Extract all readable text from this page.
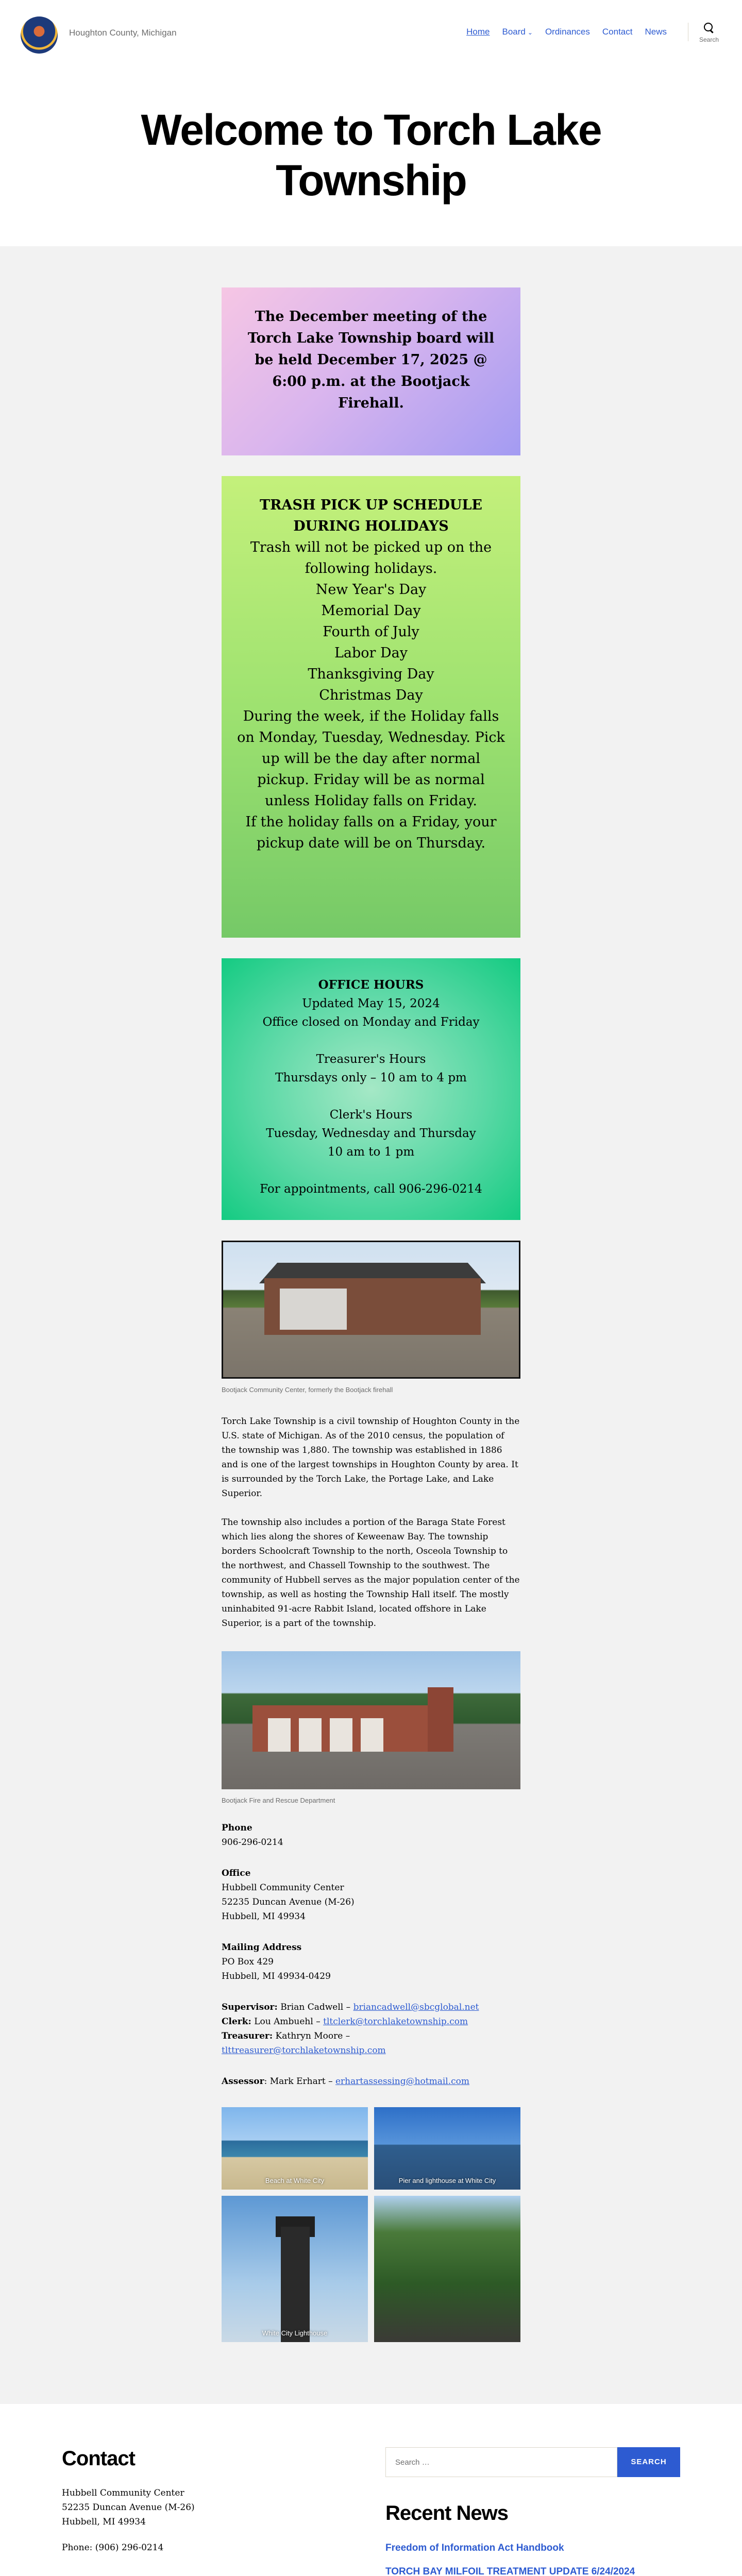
Houghton County, Michigan	Home Board ⌄ Ordinances Contact News
Search
Welcome to Torch Lake Township

The December meeting of the Torch Lake Township board will be held December 17, 2025 @ 6:00 p.m. at the Bootjack Firehall.

TRASH PICK UP SCHEDULE DURING HOLIDAYS

Trash will not be picked up on the following holidays.

New Year's Day

Memorial Day

Fourth of July

Labor Day

Thanksgiving Day

Christmas Day

During the week, if the Holiday falls on Monday, Tuesday, Wednesday. Pick up will be the day after normal pickup. Friday will be as normal unless Holiday falls on Friday.

If the holiday falls on a Friday, your pickup date will be on Thursday.

OFFICE HOURS

Updated May 15, 2024

Office closed on Monday and Friday

Treasurer's Hours

Thursdays only – 10 am to 4 pm

Clerk's Hours

Tuesday, Wednesday and Thursday

10 am to 1 pm

For appointments, call 906-296-0214

Bootjack Community Center, formerly the Bootjack firehall

Torch Lake Township is a civil township of Houghton County in the U.S. state of Michigan. As of the 2010 census, the population of the township was 1,880. The township was established in 1886 and is one of the largest townships in Houghton County by area. It is surrounded by the Torch Lake, the Portage Lake, and Lake Superior.

The township also includes a portion of the Baraga State Forest which lies along the shores of Keweenaw Bay. The township borders Schoolcraft Township to the north, Osceola Township to the northwest, and Chassell Township to the southwest. The community of Hubbell serves as the major population center of the township, as well as hosting the Township Hall itself. The mostly uninhabited 91-acre Rabbit Island, located offshore in Lake Superior, is a part of the township.

Bootjack Fire and Rescue Department
Phone
906-296-0214
Office
Hubbell Community Center
52235 Duncan Avenue (M-26)
Hubbell, MI 49934
Mailing Address
PO Box 429
Hubbell, MI 49934-0429
Supervisor: Brian Cadwell – briancadwell@sbcglobal.net
Clerk: Lou Ambuehl – tltclerk@torchlaketownship.com
Treasurer: Kathryn Moore –
tlttreasurer@torchlaketownship.com
Assessor: Mark Erhart – erhartassessing@hotmail.com
Beach at White City	Pier and lighthouse at White City
White City Lighthouse
Contact
Hubbell Community Center
52235 Duncan Avenue (M-26)
Hubbell, MI 49934
Phone: (906) 296-0214
Search …	SEARCH
Recent News
Freedom of Information Act Handbook
TORCH BAY MILFOIL TREATMENT UPDATE 6/24/2024
